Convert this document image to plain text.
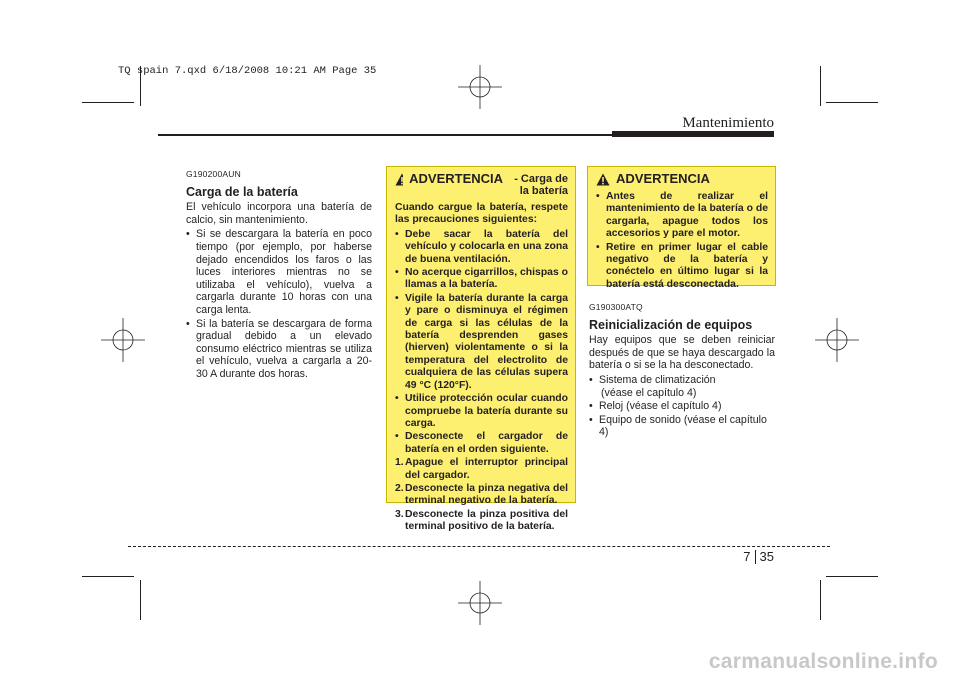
TQ spain 7.qxd 6/18/2008 10:21 AM Page 35
Mantenimiento
G190200AUN
Carga de la batería
El vehículo incorpora una batería de calcio, sin mantenimiento.
• Si se descargara la batería en poco tiempo (por ejemplo, por haberse dejado encendidos los faros o las luces interiores mientras no se utilizaba el vehículo), vuelva a cargarla durante 10 horas con una carga lenta.
• Si la batería se descargara de forma gradual debido a un elevado consumo eléctrico mientras se utiliza el vehículo, vuelva a cargarla a 20-30 A durante dos horas.
ADVERTENCIA	- Carga de la batería
Cuando cargue la batería, respete las precauciones siguientes:
• Debe sacar la batería del vehículo y colocarla en una zona de buena ventilación.
• No acerque cigarrillos, chispas o llamas a la batería.
• Vigile la batería durante la carga y pare o disminuya el régimen de carga si las células de la batería desprenden gases (hierven) violentamente o si la temperatura del electrolito de cualquiera de las células supera 49 °C (120°F).
• Utilice protección ocular cuando compruebe la batería durante su carga.
• Desconecte el cargador de batería en el orden siguiente.
1. Apague el interruptor principal del cargador.
2. Desconecte la pinza negativa del terminal negativo de la batería.
3. Desconecte la pinza positiva del terminal positivo de la batería.
ADVERTENCIA
• Antes de realizar el mantenimiento de la batería o de cargarla, apague todos los accesorios y pare el motor.
• Retire en primer lugar el cable negativo de la batería y conéctelo en último lugar si la batería está desconectada.
G190300ATQ
Reinicialización de equipos
Hay equipos que se deben reiniciar después de que se haya descargado la batería o si se la ha desconectado.
• Sistema de climatización
(véase el capítulo 4)
• Reloj (véase el capítulo 4)
• Equipo de sonido (véase el capítulo 4)
7 35
carmanualsonline.info
